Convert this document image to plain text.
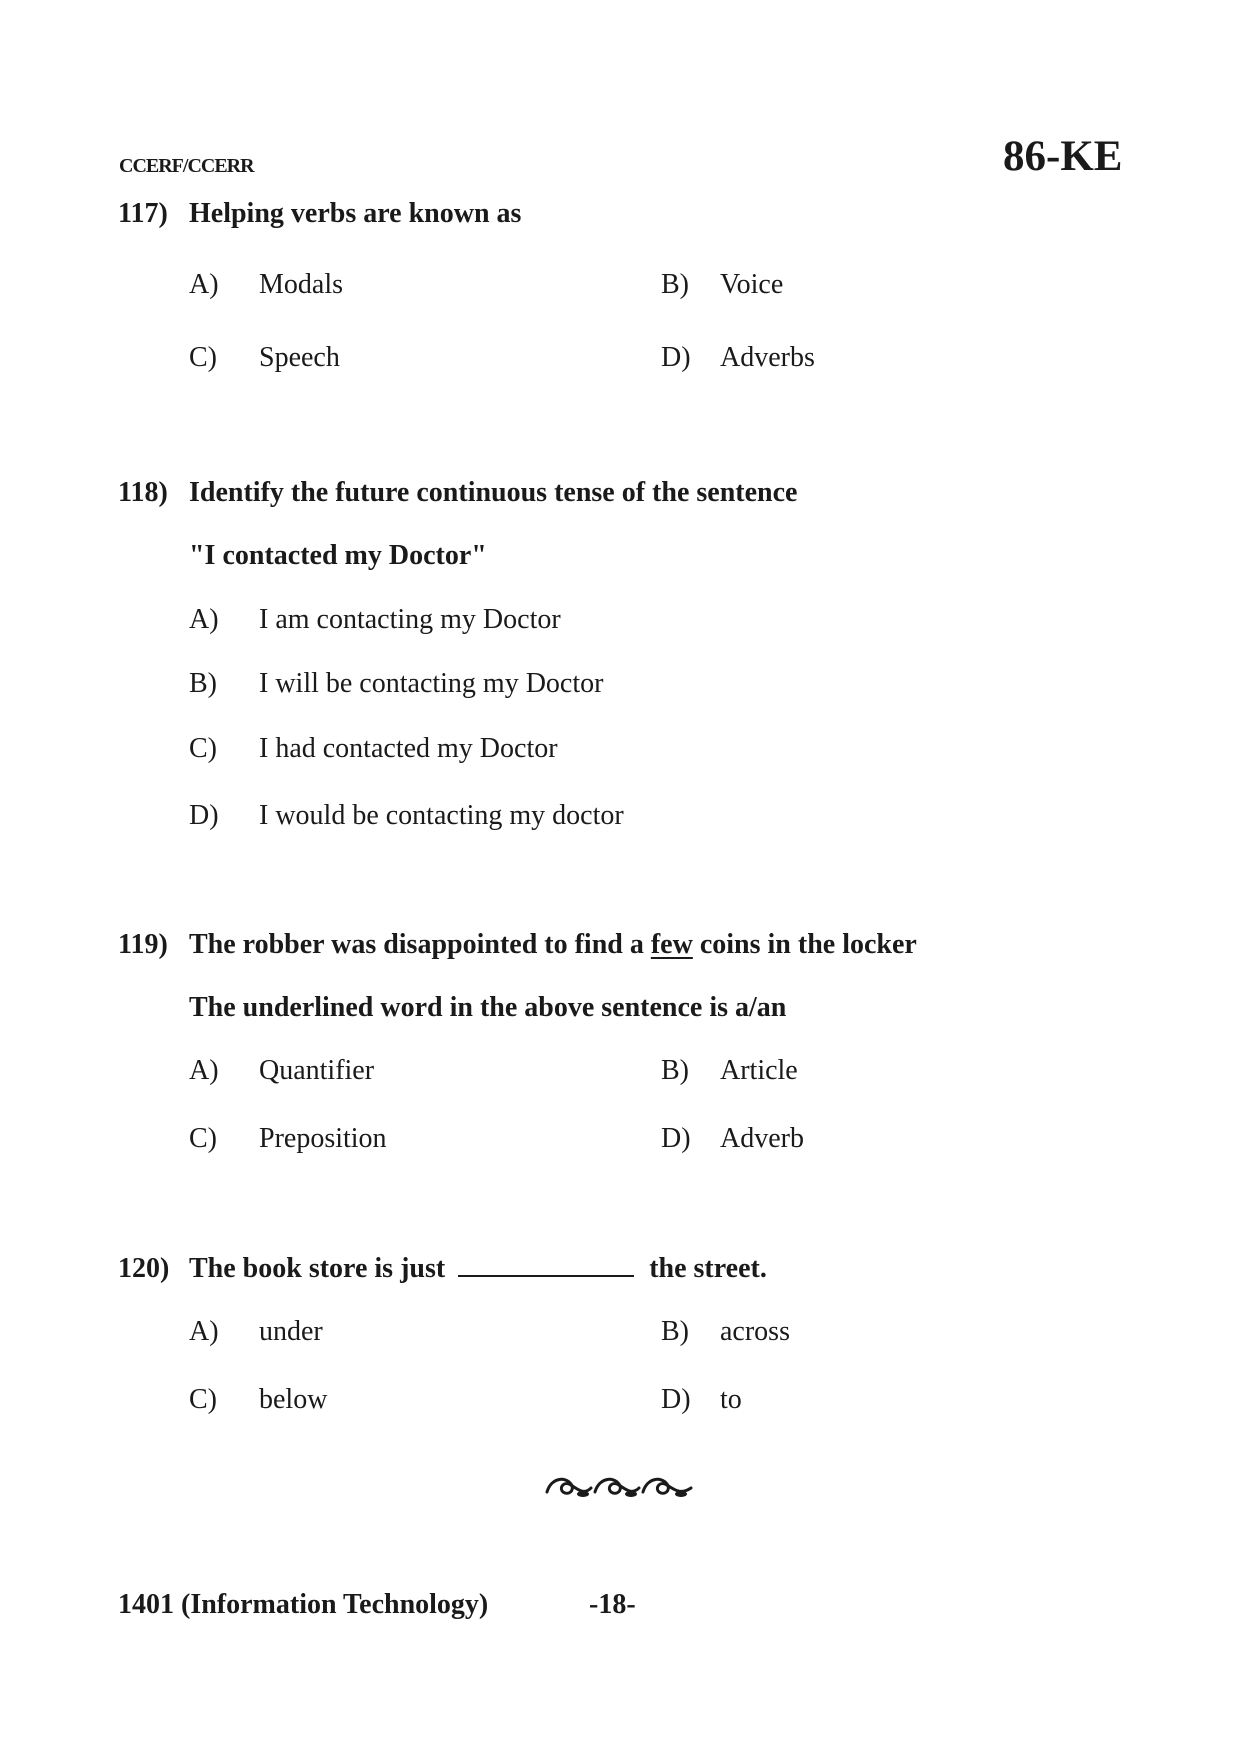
CCERF/CCERR	86-KE
117) Helping verbs are known as
A) Modals	B) Voice
C) Speech	D) Adverbs
118) Identify the future continuous tense of the sentence
"I contacted my Doctor"
A) I am contacting my Doctor
B) I will be contacting my Doctor
C) I had contacted my Doctor
D) I would be contacting my doctor
119) The robber was disappointed to find a few coins in the locker
The underlined word in the above sentence is a/an
A) Quantifier	B) Article
C) Preposition	D) Adverb
120) The book store is just	the street.
A) under	B) across
C) below	D) to
1401 (Information Technology)	-18-
